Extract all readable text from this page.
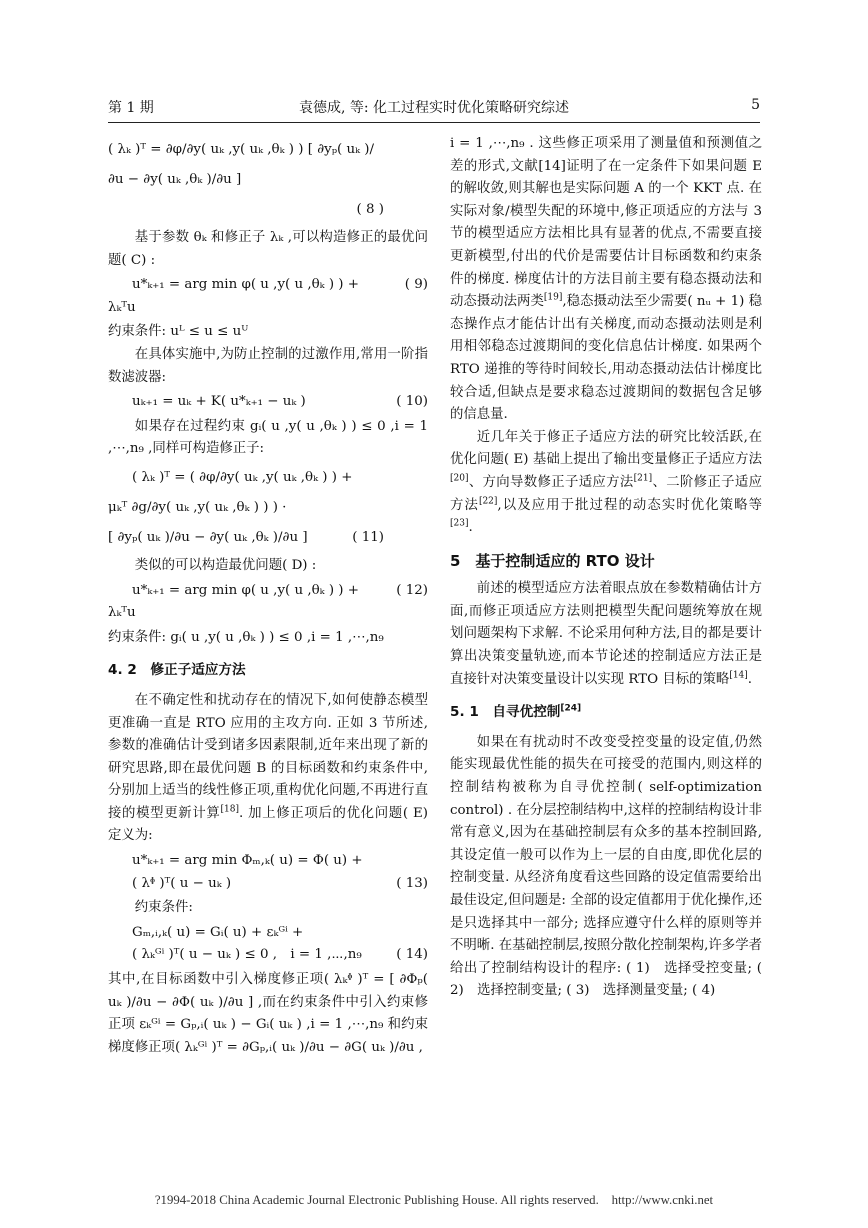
第 1 期	袁德成, 等: 化工过程实时优化策略研究综述	5
( λₖ )ᵀ = ∂φ/∂y( uₖ ,y( uₖ ,θₖ ) ) [ ∂yₚ( uₖ )/∂u − ∂y( uₖ ,θₖ )/∂u ]
( 8 )

基于参数 θₖ 和修正子 λₖ ,可以构造修正的最优问题( C) :

u*ₖ₊₁ = arg min φ( u ,y( u ,θₖ ) ) + λₖᵀu
( 9)

约束条件: uᴸ ≤ u ≤ uᵁ

在具体实施中,为防止控制的过激作用,常用一阶指数滤波器:

uₖ₊₁ = uₖ + K( u*ₖ₊₁ − uₖ )	( 10)

如果存在过程约束 gᵢ( u ,y( u ,θₖ ) ) ≤ 0 ,i = 1 ,⋯,n₉ ,同样可构造修正子:

( λₖ )ᵀ = ( ∂φ/∂y( uₖ ,y( uₖ ,θₖ ) ) +
μₖᵀ ∂g/∂y( uₖ ,y( uₖ ,θₖ ) ) ) ·
[ ∂yₚ( uₖ )/∂u − ∂y( uₖ ,θₖ )/∂u ]	( 11)

类似的可以构造最优问题( D) :

u*ₖ₊₁ = arg min φ( u ,y( u ,θₖ ) ) + λₖᵀu
( 12)

约束条件: gᵢ( u ,y( u ,θₖ ) ) ≤ 0 ,i = 1 ,⋯,n₉

4. 2　修正子适应方法

在不确定性和扰动存在的情况下,如何使静态模型更准确一直是 RTO 应用的主攻方向. 正如 3 节所述,参数的准确估计受到诸多因素限制,近年来出现了新的研究思路,即在最优问题 B 的目标函数和约束条件中,分别加上适当的线性修正项,重构优化问题,不再进行直接的模型更新计算[18]. 加上修正项后的优化问题( E) 定义为:

u*ₖ₊₁ = arg min Φₘ,ₖ( u) = Φ( u) +
( λᶲ )ᵀ( u − uₖ )	( 13)

约束条件:

Gₘ,ᵢ,ₖ( u) = Gᵢ( u) + εₖᴳⁱ +
( λₖᴳⁱ )ᵀ( u − uₖ ) ≤ 0 ,　i = 1 ,⋯,n₉	( 14)

其中,在目标函数中引入梯度修正项( λₖᶲ )ᵀ = [ ∂Φₚ( uₖ )/∂u − ∂Φ( uₖ )/∂u ] ,而在约束条件中引入约束修正项 εₖᴳⁱ = Gₚ,ᵢ( uₖ ) − Gᵢ( uₖ ) ,i = 1 ,⋯,n₉ 和约束梯度修正项( λₖᴳⁱ )ᵀ = ∂Gₚ,ᵢ( uₖ )/∂u − ∂G( uₖ )/∂u ,

i = 1 ,⋯,n₉ . 这些修正项采用了测量值和预测值之差的形式,文献[14]证明了在一定条件下如果问题 E 的解收敛,则其解也是实际问题 A 的一个 KKT 点. 在实际对象/模型失配的环境中,修正项适应的方法与 3 节的模型适应方法相比具有显著的优点,不需要直接更新模型,付出的代价是需要估计目标函数和约束条件的梯度. 梯度估计的方法目前主要有稳态摄动法和动态摄动法两类[19],稳态摄动法至少需要( nᵤ + 1) 稳态操作点才能估计出有关梯度,而动态摄动法则是利用相邻稳态过渡期间的变化信息估计梯度. 如果两个 RTO 递推的等待时间较长,用动态摄动法估计梯度比较合适,但缺点是要求稳态过渡期间的数据包含足够的信息量.

近几年关于修正子适应方法的研究比较活跃,在优化问题( E) 基础上提出了输出变量修正子适应方法[20]、方向导数修正子适应方法[21]、二阶修正子适应方法[22],以及应用于批过程的动态实时优化策略等[23].

5　基于控制适应的 RTO 设计

前述的模型适应方法着眼点放在参数精确估计方面,而修正项适应方法则把模型失配问题统筹放在规划问题架构下求解. 不论采用何种方法,目的都是要计算出决策变量轨迹,而本节论述的控制适应方法正是直接针对决策变量设计以实现 RTO 目标的策略[14].

5. 1　自寻优控制[24]

如果在有扰动时不改变受控变量的设定值,仍然能实现最优性能的损失在可接受的范围内,则这样的控制结构被称为自寻优控制( self-optimization control) . 在分层控制结构中,这样的控制结构设计非常有意义,因为在基础控制层有众多的基本控制回路,其设定值一般可以作为上一层的自由度,即优化层的控制变量. 从经济角度看这些回路的设定值需要给出最佳设定,但问题是: 全部的设定值都用于优化操作,还是只选择其中一部分; 选择应遵守什么样的原则等并不明晰. 在基础控制层,按照分散化控制架构,许多学者给出了控制结构设计的程序: ( 1)　选择受控变量; ( 2)　选择控制变量; ( 3)　选择测量变量; ( 4)

?1994-2018 China Academic Journal Electronic Publishing House. All rights reserved.　http://www.cnki.net
